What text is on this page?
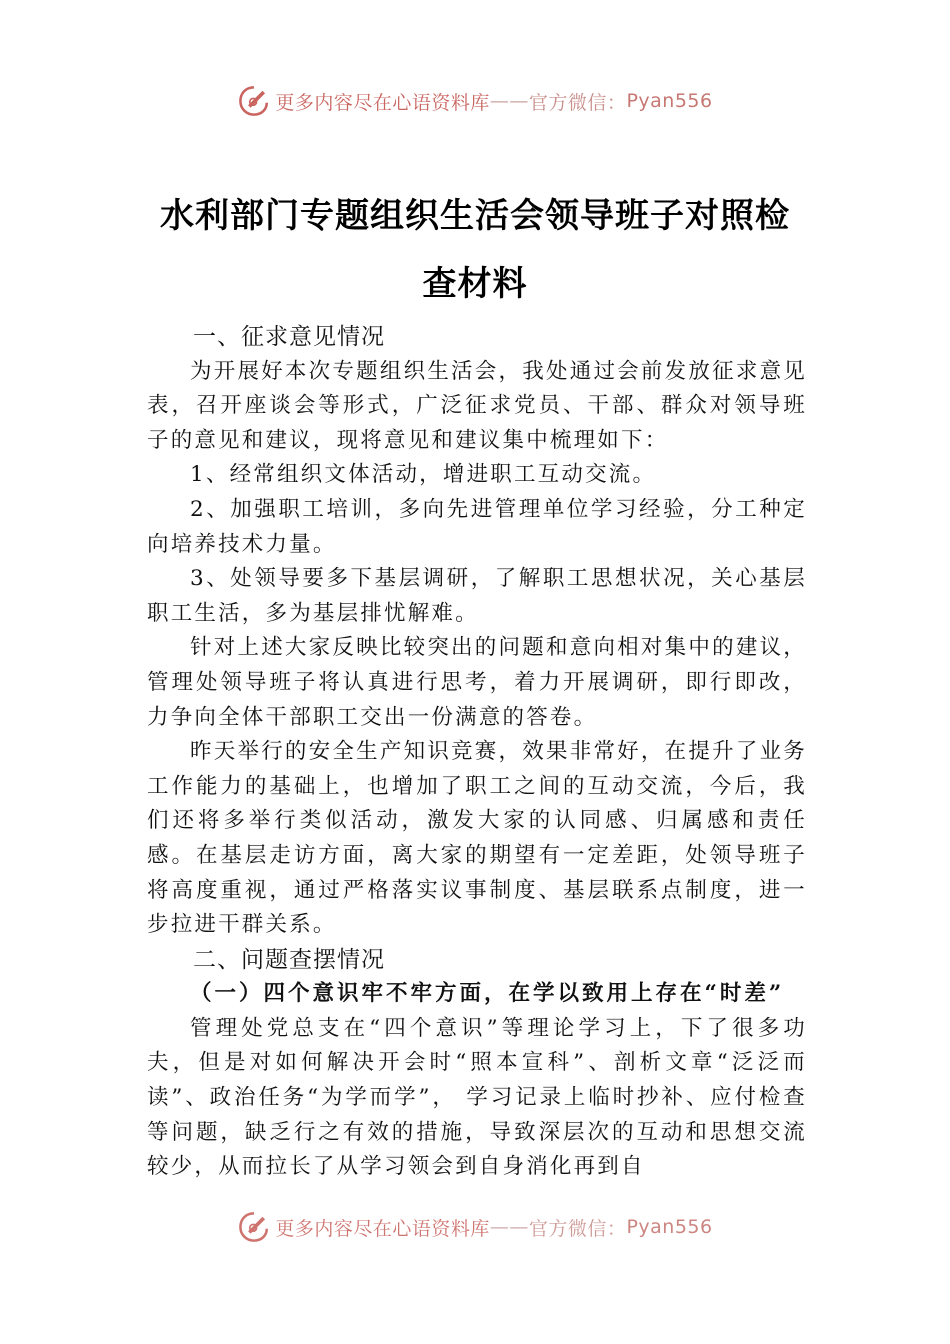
更多内容尽在心语资料库 —— 官方微信： Pyan556
水利部门专题组织生活会领导班子对照检
查材料

一、征求意见情况

为开展好本次专题组织生活会，我处通过会前发放征求意见表，召开座谈会等形式，广泛征求党员、干部、群众对领导班子的意见和建议，现将意见和建议集中梳理如下：

1、经常组织文体活动，增进职工互动交流。

2、加强职工培训，多向先进管理单位学习经验，分工种定向培养技术力量。

3、处领导要多下基层调研，了解职工思想状况，关心基层职工生活，多为基层排忧解难。

针对上述大家反映比较突出的问题和意向相对集中的建议，管理处领导班子将认真进行思考，着力开展调研，即行即改，力争向全体干部职工交出一份满意的答卷。

昨天举行的安全生产知识竞赛，效果非常好，在提升了业务工作能力的基础上，也增加了职工之间的互动交流，今后，我们还将多举行类似活动，激发大家的认同感、归属感和责任感。在基层走访方面，离大家的期望有一定差距，处领导班子将高度重视，通过严格落实议事制度、基层联系点制度，进一步拉进干群关系。

二、问题查摆情况

（一）四个意识牢不牢方面，在学以致用上存在“时差”

管理处党总支在“四个意识”等理论学习上，下了很多功夫，但是对如何解决开会时“照本宣科”、剖析文章“泛泛而读”、政治任务“为学而学”， 学习记录上临时抄补、应付检查等问题，缺乏行之有效的措施，导致深层次的互动和思想交流较少，从而拉长了从学习领会到自身消化再到自

更多内容尽在心语资料库 —— 官方微信： Pyan556
